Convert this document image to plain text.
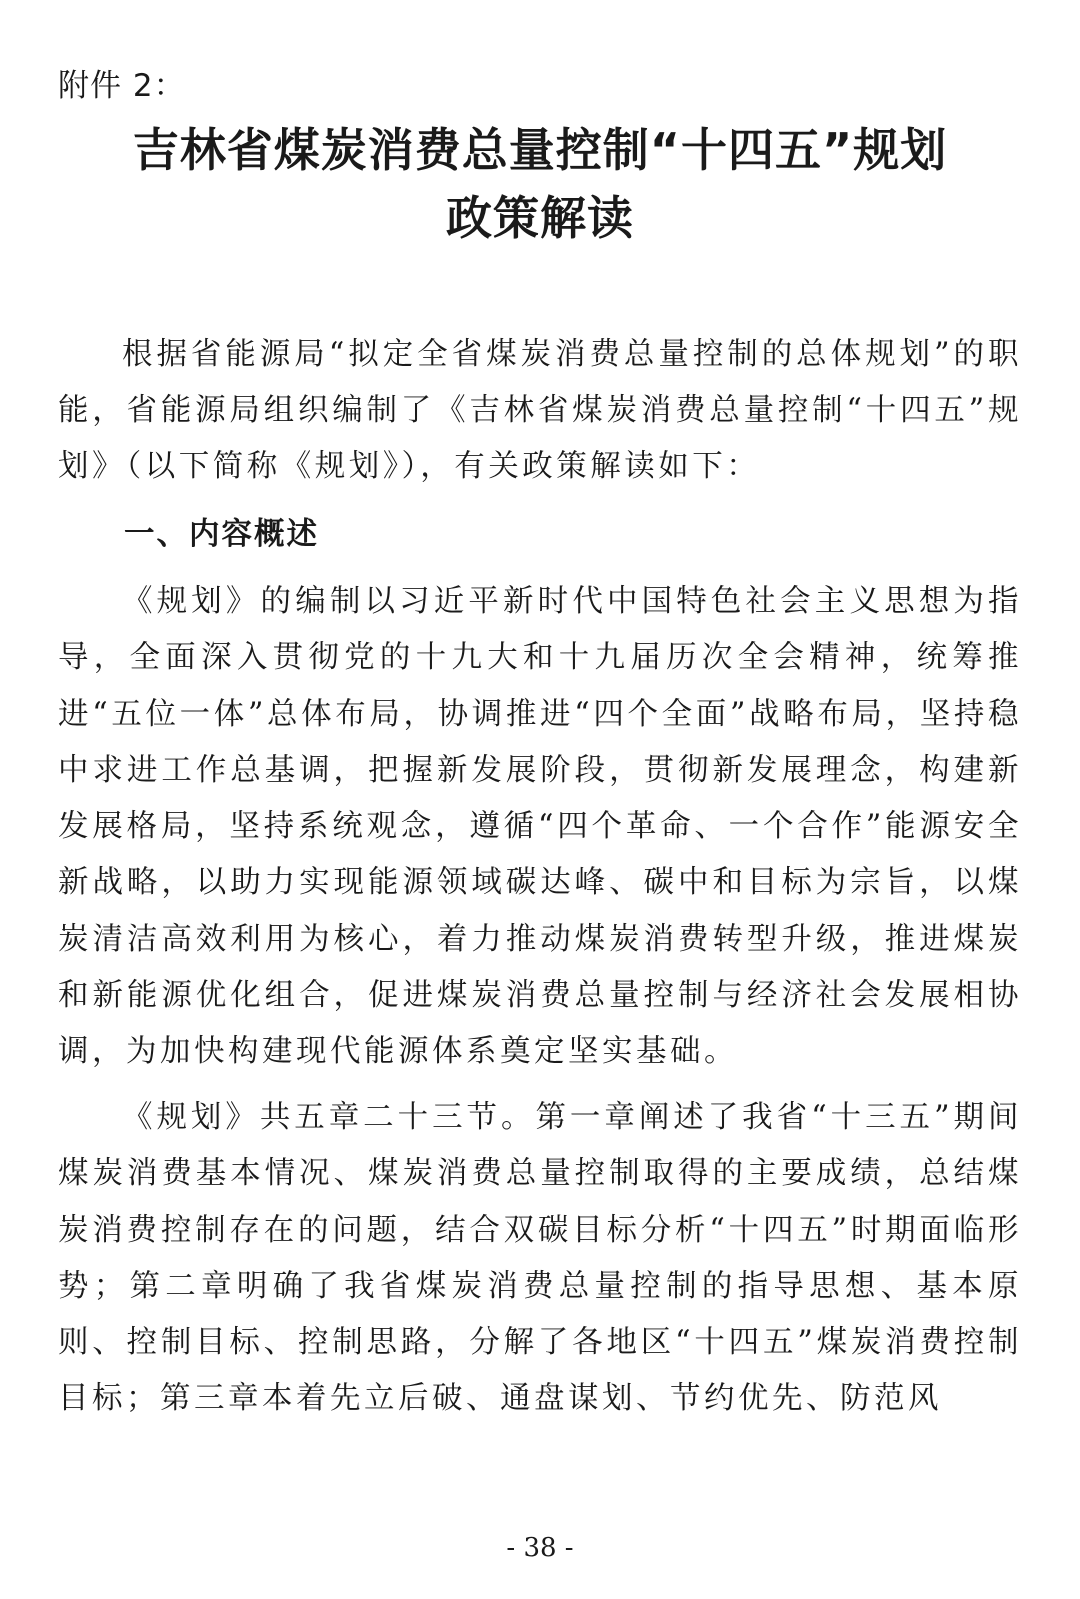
附件 2：
吉林省煤炭消费总量控制“十四五”规划
政策解读

根据省能源局“拟定全省煤炭消费总量控制的总体规划”的职能，省能源局组织编制了《吉林省煤炭消费总量控制“十四五”规划》（以下简称《规划》），有关政策解读如下：

一、内容概述

《规划》的编制以习近平新时代中国特色社会主义思想为指导，全面深入贯彻党的十九大和十九届历次全会精神，统筹推进“五位一体”总体布局，协调推进“四个全面”战略布局，坚持稳中求进工作总基调，把握新发展阶段，贯彻新发展理念，构建新发展格局，坚持系统观念，遵循“四个革命、一个合作”能源安全新战略，以助力实现能源领域碳达峰、碳中和目标为宗旨，以煤炭清洁高效利用为核心，着力推动煤炭消费转型升级，推进煤炭和新能源优化组合，促进煤炭消费总量控制与经济社会发展相协调，为加快构建现代能源体系奠定坚实基础。

《规划》共五章二十三节。第一章阐述了我省“十三五”期间煤炭消费基本情况、煤炭消费总量控制取得的主要成绩，总结煤炭消费控制存在的问题，结合双碳目标分析“十四五”时期面临形势；第二章明确了我省煤炭消费总量控制的指导思想、基本原则、控制目标、控制思路，分解了各地区“十四五”煤炭消费控制目标；第三章本着先立后破、通盘谋划、节约优先、防范风

- 38 -
